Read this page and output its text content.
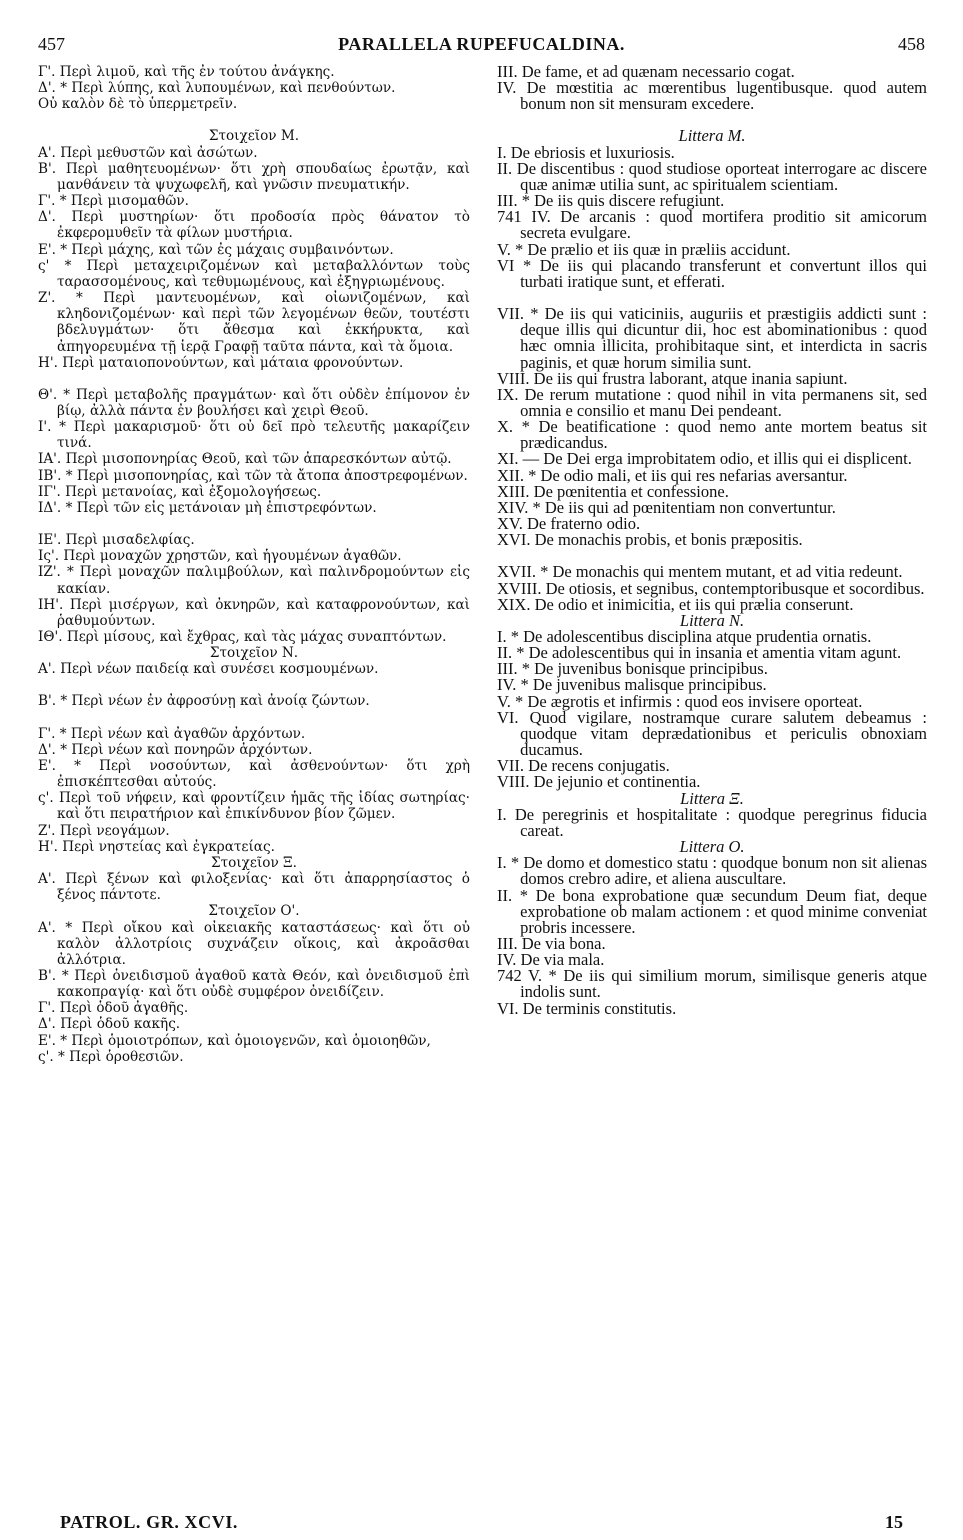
457	PARALLELA RUPEFUCALDINA.	458
Γ'. Περὶ λιμοῦ, καὶ τῆς ἐν τούτου ἀνάγκης.
Δ'. * Περὶ λύπης, καὶ λυπουμένων, καὶ πενθούντων.
Οὐ καλὸν δὲ τὸ ὑπερμετρεῖν.
Στοιχεῖον Μ.
Α'. Περὶ μεθυστῶν καὶ ἀσώτων.
Β'. Περὶ μαθητευομένων· ὅτι χρὴ σπουδαίως ἐρωτᾷν, καὶ μανθάνειν τὰ ψυχωφελῆ, καὶ γνῶσιν πνευματικήν.
Γ'. * Περὶ μισομαθῶν.
Δ'. Περὶ μυστηρίων· ὅτι προδοσία πρὸς θάνατον τὸ ἐκφερομυθεῖν τὰ φίλων μυστήρια.
Ε'. * Περὶ μάχης, καὶ τῶν ἐς μάχαις συμβαινόντων.
ς' * Περὶ μεταχειριζομένων καὶ μεταβαλλόντων τοὺς ταρασσομένους, καὶ τεθυμωμένους, καὶ ἐξηγριωμένους.
Ζ'. * Περὶ μαντευομένων, καὶ οἰωνιζομένων, καὶ κληδονιζομένων· καὶ περὶ τῶν λεγομένων θεῶν, τουτέστι βδελυγμάτων· ὅτι ἄθεσμα καὶ ἐκκήρυκτα, καὶ ἀπηγορευμένα τῇ ἱερᾷ Γραφῇ ταῦτα πάντα, καὶ τὰ ὅμοια.
Η'. Περὶ ματαιοπονούντων, καὶ μάταια φρονούντων.
Θ'. * Περὶ μεταβολῆς πραγμάτων· καὶ ὅτι οὐδὲν ἐπίμονον ἐν βίῳ, ἀλλὰ πάντα ἐν βουλήσει καὶ χειρὶ Θεοῦ.
Ι'. * Περὶ μακαρισμοῦ· ὅτι οὐ δεῖ πρὸ τελευτῆς μακαρίζειν τινά.
ΙΑ'. Περὶ μισοπονηρίας Θεοῦ, καὶ τῶν ἀπαρεσκόντων αὐτῷ.
ΙΒ'. * Περὶ μισοπονηρίας, καὶ τῶν τὰ ἄτοπα ἀποστρεφομένων.
ΙΓ'. Περὶ μετανοίας, καὶ ἐξομολογήσεως.
ΙΔ'. * Περὶ τῶν εἰς μετάνοιαν μὴ ἐπιστρεφόντων.
ΙΕ'. Περὶ μισαδελφίας.
Ις'. Περὶ μοναχῶν χρηστῶν, καὶ ἡγουμένων ἀγαθῶν.
ΙΖ'. * Περὶ μοναχῶν παλιμβούλων, καὶ παλινδρομούντων εἰς κακίαν.
ΙΗ'. Περὶ μισέργων, καὶ ὀκνηρῶν, καὶ καταφρονούντων, καὶ ῥαθυμούντων.
ΙΘ'. Περὶ μίσους, καὶ ἔχθρας, καὶ τὰς μάχας συναπτόντων.
Στοιχεῖον Ν.
Α'. Περὶ νέων παιδείᾳ καὶ συνέσει κοσμουμένων.
Β'. * Περὶ νέων ἐν ἀφροσύνῃ καὶ ἀνοίᾳ ζώντων.
Γ'. * Περὶ νέων καὶ ἀγαθῶν ἀρχόντων.
Δ'. * Περὶ νέων καὶ πονηρῶν ἀρχόντων.
Ε'. * Περὶ νοσούντων, καὶ ἀσθενούντων· ὅτι χρὴ ἐπισκέπτεσθαι αὐτούς.
ς'. Περὶ τοῦ νήφειν, καὶ φροντίζειν ἡμᾶς τῆς ἰδίας σωτηρίας· καὶ ὅτι πειρατήριον καὶ ἐπικίνδυνον βίον ζῶμεν.
Ζ'. Περὶ νεογάμων.
Η'. Περὶ νηστείας καὶ ἐγκρατείας.
Στοιχεῖον Ξ.
Α'. Περὶ ξένων καὶ φιλοξενίας· καὶ ὅτι ἀπαρρησίαστος ὁ ξένος πάντοτε.
Στοιχεῖον Ο'.
Α'. * Περὶ οἴκου καὶ οἰκειακῆς καταστάσεως· καὶ ὅτι οὐ καλὸν ἀλλοτρίοις συχνάζειν οἴκοις, καὶ ἀκροᾶσθαι ἀλλότρια.
Β'. * Περὶ ὀνειδισμοῦ ἀγαθοῦ κατὰ Θεόν, καὶ ὀνειδισμοῦ ἐπὶ κακοπραγίᾳ· καὶ ὅτι οὐδὲ συμφέρον ὀνειδίζειν.
Γ'. Περὶ ὁδοῦ ἀγαθῆς.
Δ'. Περὶ ὁδοῦ κακῆς.
Ε'. * Περὶ ὁμοιοτρόπων, καὶ ὁμοιογενῶν, καὶ ὁμοιοηθῶν,
ς'. * Περὶ ὁροθεσιῶν.
III. De fame, et ad quænam necessario cogat.
IV. De mœstitia ac mœrentibus lugentibusque. quod autem bonum non sit mensuram excedere.
Littera M.
I. De ebriosis et luxuriosis.
II. De discentibus : quod studiose oporteat interrogare ac discere quæ animæ utilia sunt, ac spiritualem scientiam.
III. * De iis quis discere refugiunt.
741 IV. De arcanis : quod mortifera proditio sit amicorum secreta evulgare.
V. * De prælio et iis quæ in præliis accidunt.
VI * De iis qui placando transferunt et convertunt illos qui turbati iratique sunt, et efferati.
VII. * De iis qui vaticiniis, auguriis et præstigiis addicti sunt : deque illis qui dicuntur dii, hoc est abominationibus : quod hæc omnia illicita, prohibitaque sint, et interdicta in sacris paginis, et quæ horum similia sunt.
VIII. De iis qui frustra laborant, atque inania sapiunt.
IX. De rerum mutatione : quod nihil in vita permanens sit, sed omnia e consilio et manu Dei pendeant.
X. * De beatificatione : quod nemo ante mortem beatus sit prædicandus.
XI. — De Dei erga improbitatem odio, et illis qui ei displicent.
XII. * De odio mali, et iis qui res nefarias aversantur.
XIII. De pœnitentia et confessione.
XIV. * De iis qui ad pœnitentiam non convertuntur.
XV. De fraterno odio.
XVI. De monachis probis, et bonis præpositis.
XVII. * De monachis qui mentem mutant, et ad vitia redeunt.
XVIII. De otiosis, et segnibus, contemptoribusque et socordibus.
XIX. De odio et inimicitia, et iis qui prælia conserunt.
Littera N.
I. * De adolescentibus disciplina atque prudentia ornatis.
II. * De adolescentibus qui in insania et amentia vitam agunt.
III. * De juvenibus bonisque principibus.
IV. * De juvenibus malisque principibus.
V. * De ægrotis et infirmis : quod eos invisere oporteat.
VI. Quod vigilare, nostramque curare salutem debeamus : quodque vitam deprædationibus et periculis obnoxiam ducamus.
VII. De recens conjugatis.
VIII. De jejunio et continentia.
Littera Ξ.
I. De peregrinis et hospitalitate : quodque peregrinus fiducia careat.
Littera O.
I. * De domo et domestico statu : quodque bonum non sit alienas domos crebro adire, et aliena auscultare.
II. * De bona exprobatione quæ secundum Deum fiat, deque exprobatione ob malam actionem : et quod minime conveniat probris incessere.
III. De via bona.
IV. De via mala.
742 V. * De iis qui similium morum, similisque generis atque indolis sunt.
VI. De terminis constitutis.
PATROL. GR. XCVI.	15
